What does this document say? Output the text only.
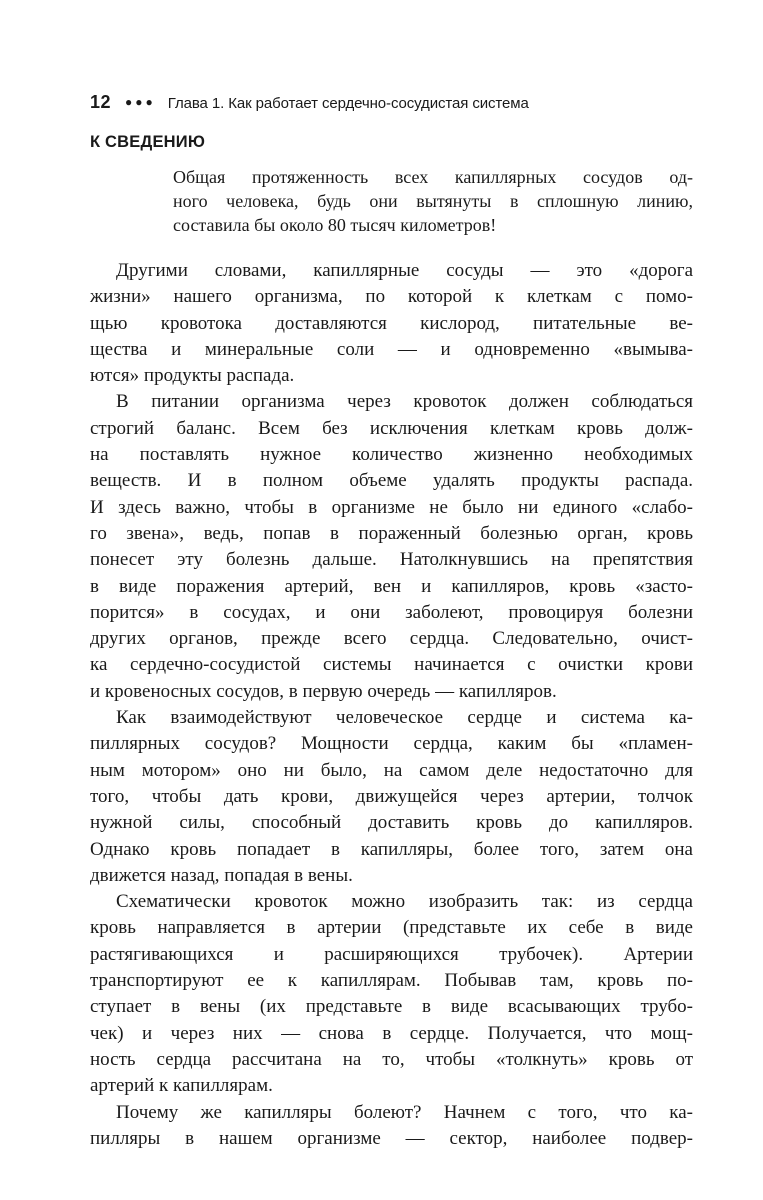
12 ●●● Глава 1. Как работает сердечно-сосудистая система
К СВЕДЕНИЮ
Общая протяженность всех капиллярных сосудов од-
ного человека, будь они вытянуты в сплошную линию,
составила бы около 80 тысяч километров!
Другими словами, капиллярные сосуды — это «дорога
жизни» нашего организма, по которой к клеткам с помо-
щью кровотока доставляются кислород, питательные ве-
щества и минеральные соли — и одновременно «вымыва-
ются» продукты распада.
В питании организма через кровоток должен соблюдаться
строгий баланс. Всем без исключения клеткам кровь долж-
на поставлять нужное количество жизненно необходимых
веществ. И в полном объеме удалять продукты распада.
И здесь важно, чтобы в организме не было ни единого «слабо-
го звена», ведь, попав в пораженный болезнью орган, кровь
понесет эту болезнь дальше. Натолкнувшись на препятствия
в виде поражения артерий, вен и капилляров, кровь «засто-
порится» в сосудах, и они заболеют, провоцируя болезни
других органов, прежде всего сердца. Следовательно, очист-
ка сердечно-сосудистой системы начинается с очистки крови
и кровеносных сосудов, в первую очередь — капилляров.
Как взаимодействуют человеческое сердце и система ка-
пиллярных сосудов? Мощности сердца, каким бы «пламен-
ным мотором» оно ни было, на самом деле недостаточно для
того, чтобы дать крови, движущейся через артерии, толчок
нужной силы, способный доставить кровь до капилляров.
Однако кровь попадает в капилляры, более того, затем она
движется назад, попадая в вены.
Схематически кровоток можно изобразить так: из сердца
кровь направляется в артерии (представьте их себе в виде
растягивающихся и расширяющихся трубочек). Артерии
транспортируют ее к капиллярам. Побывав там, кровь по-
ступает в вены (их представьте в виде всасывающих трубо-
чек) и через них — снова в сердце. Получается, что мощ-
ность сердца рассчитана на то, чтобы «толкнуть» кровь от
артерий к капиллярам.
Почему же капилляры болеют? Начнем с того, что ка-
пилляры в нашем организме — сектор, наиболее подвер-
